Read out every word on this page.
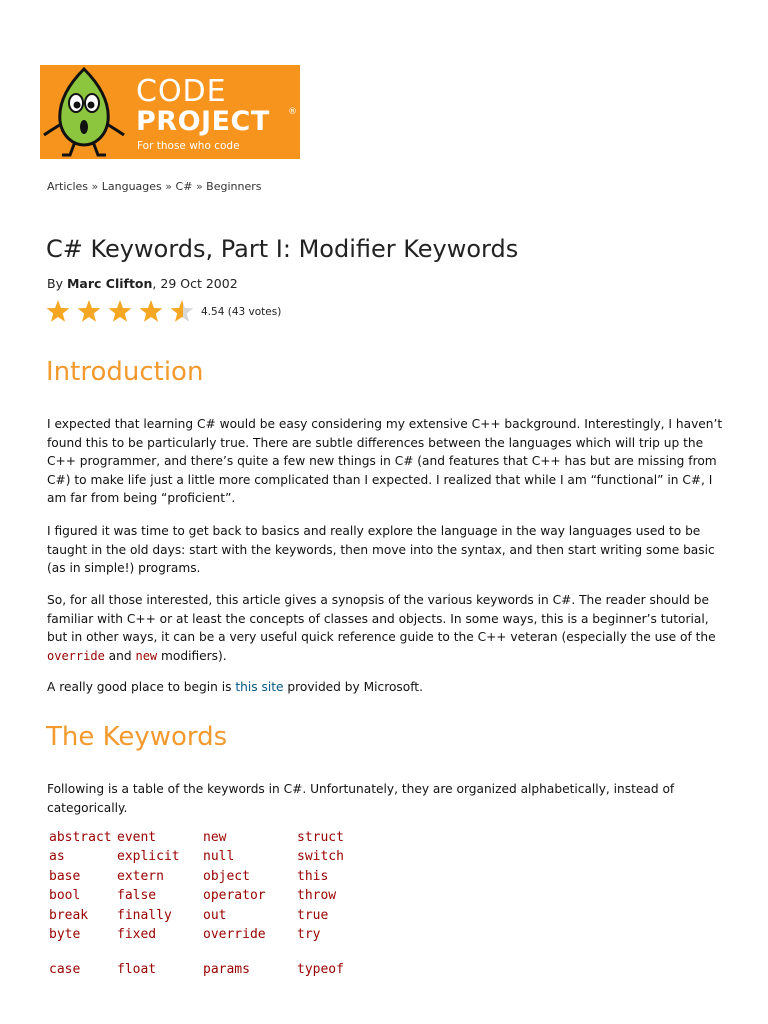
CODE
PROJECT ®
For those who code
Articles » Languages » C# » Beginners
C# Keywords, Part I: Modifier Keywords
By Marc Clifton, 29 Oct 2002
4.54 (43 votes)
Introduction

I expected that learning C# would be easy considering my extensive C++ background. Interestingly, I haven’t found this to be particularly true. There are subtle differences between the languages which will trip up the C++ programmer, and there’s quite a few new things in C# (and features that C++ has but are missing from C#) to make life just a little more complicated than I expected. I realized that while I am “functional” in C#, I am far from being “proficient”.

I figured it was time to get back to basics and really explore the language in the way languages used to be taught in the old days: start with the keywords, then move into the syntax, and then start writing some basic (as in simple!) programs.

So, for all those interested, this article gives a synopsis of the various keywords in C#. The reader should be familiar with C++ or at least the concepts of classes and objects. In some ways, this is a beginner’s tutorial, but in other ways, it can be a very useful quick reference guide to the C++ veteran (especially the use of the override and new modifiers).

A really good place to begin is this site provided by Microsoft.

The Keywords

Following is a table of the keywords in C#. Unfortunately, they are organized alphabetically, instead of categorically.

abstract	event	new	struct
as	explicit	null	switch
base	extern	object	this
bool	false	operator	throw
break	finally	out	true
byte	fixed	override	try

case	float	params	typeof
